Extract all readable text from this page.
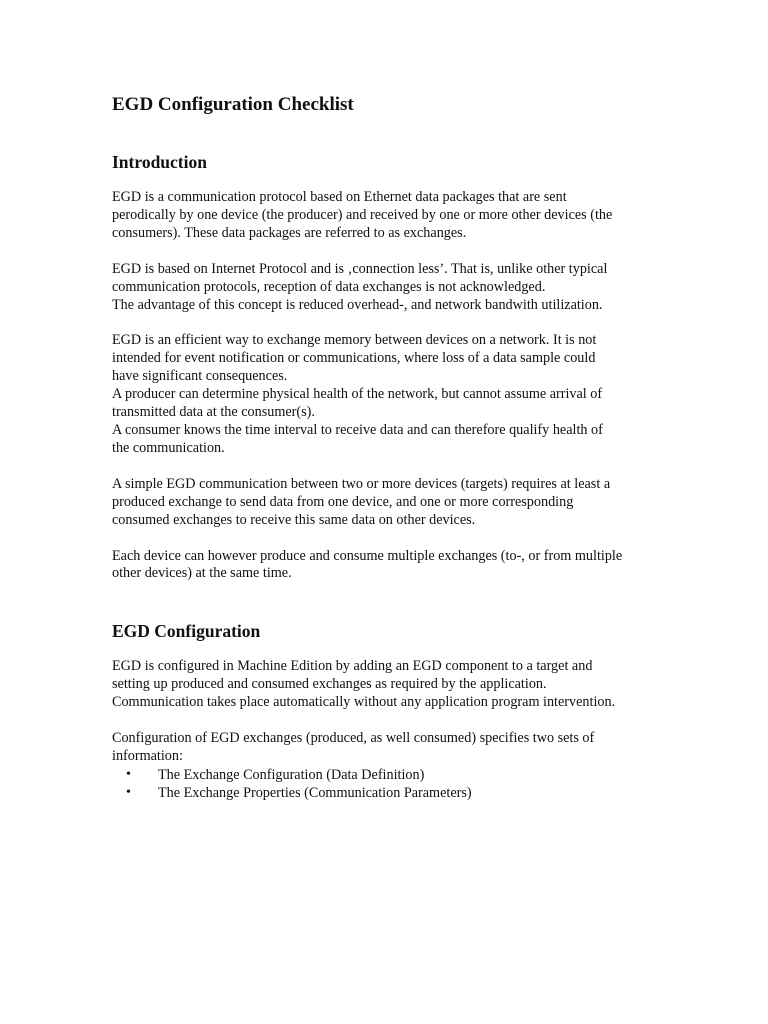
EGD Configuration Checklist
Introduction

EGD is a communication protocol based on Ethernet data packages that are sent
perodically by one device (the producer) and received by one or more other devices (the
consumers). These data packages are referred to as exchanges.

EGD is based on Internet Protocol and is ‚connection less’. That is, unlike other typical
communication protocols, reception of data exchanges is not acknowledged.
The advantage of this concept is reduced overhead-, and network bandwith utilization.

EGD is an efficient way to exchange memory between devices on a network. It is not
intended for event notification or communications, where loss of a data sample could
have significant consequences.
A producer can determine physical health of the network, but cannot assume arrival of
transmitted data at the consumer(s).
A consumer knows the time interval to receive data and can therefore qualify health of
the communication.

A simple EGD communication between two or more devices (targets) requires at least a
produced exchange to send data from one device, and one or more corresponding
consumed exchanges to receive this same data on other devices.

Each device can however produce and consume multiple exchanges (to-, or from multiple
other devices) at the same time.

EGD Configuration

EGD is configured in Machine Edition by adding an EGD component to a target and
setting up produced and consumed exchanges as required by the application.
Communication takes place automatically without any application program intervention.

Configuration of EGD exchanges (produced, as well consumed) specifies two sets of
information:

• The Exchange Configuration (Data Definition)
• The Exchange Properties (Communication Parameters)
